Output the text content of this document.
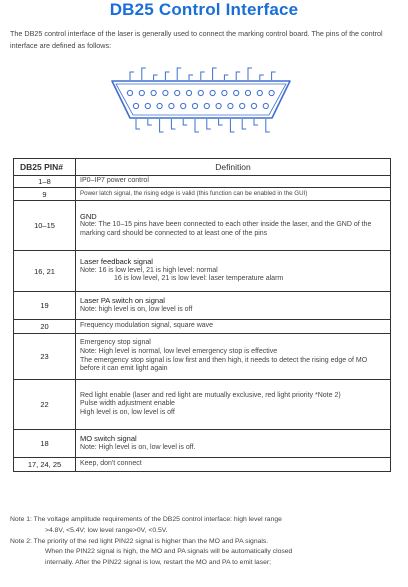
DB25 Control Interface
The DB25 control interface of the laser is generally used to connect the marking control board. The pins of the control interface are defined as follows:
DB25 PIN#	Definition
1–8	IP0–IP7 power control

9	Power latch signal, the rising edge is valid (this function can be enabled in the GUI)

10–15	GND
Note: The 10–15 pins have been connected to each other inside the laser, and the GND of the marking card should be connected to at least one of the pins

16, 21	Laser feedback signal
Note: 16 is low level, 21 is high level: normal
16 is low level, 21 is low level: laser temperature alarm

19	Laser PA switch on signal
Note: high level is on, low level is off

20	Frequency modulation signal, square wave

23	Emergency stop signal
Note: High level is normal, low level emergency stop is effective
The emergency stop signal is low first and then high, it needs to detect the rising edge of MO before it can emit light again

22	Red light enable (laser and red light are mutually exclusive, red light priority *Note 2)
Pulse width adjustment enable
High level is on, low level is off

18	MO switch signal
Note: High level is on, low level is off.

17, 24, 25	Keep, don't connect
Note 1: The voltage amplitude requirements of the DB25 control interface: high level range
>4.8V, <5.4V; low level range>0V, <0.5V.
Note 2: The priority of the red light PIN22 signal is higher than the MO and PA signals.
When the PIN22 signal is high, the MO and PA signals will be automatically closed
internally. After the PIN22 signal is low, restart the MO and PA to emit laser;
